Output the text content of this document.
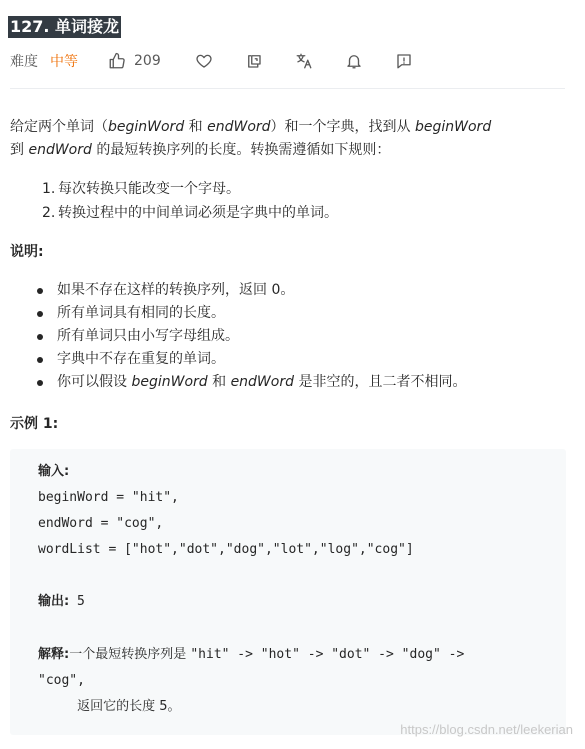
127. 单词接龙
难度 中等	209
给定两个单词（beginWord 和 endWord）和一个字典，找到从 beginWord
到 endWord 的最短转换序列的长度。转换需遵循如下规则：
1. 每次转换只能改变一个字母。
2. 转换过程中的中间单词必须是字典中的单词。
说明:
如果不存在这样的转换序列，返回 0。
所有单词具有相同的长度。
所有单词只由小写字母组成。
字典中不存在重复的单词。
你可以假设 beginWord 和 endWord 是非空的，且二者不相同。
示例 1:
输入:
beginWord = "hit",
endWord = "cog",
wordList = ["hot","dot","dog","lot","log","cog"]
输出: 5
解释:一个最短转换序列是 "hit" -> "hot" -> "dot" -> "dog" ->
"cog",
返回它的长度 5。
https://blog.csdn.net/leekerian
